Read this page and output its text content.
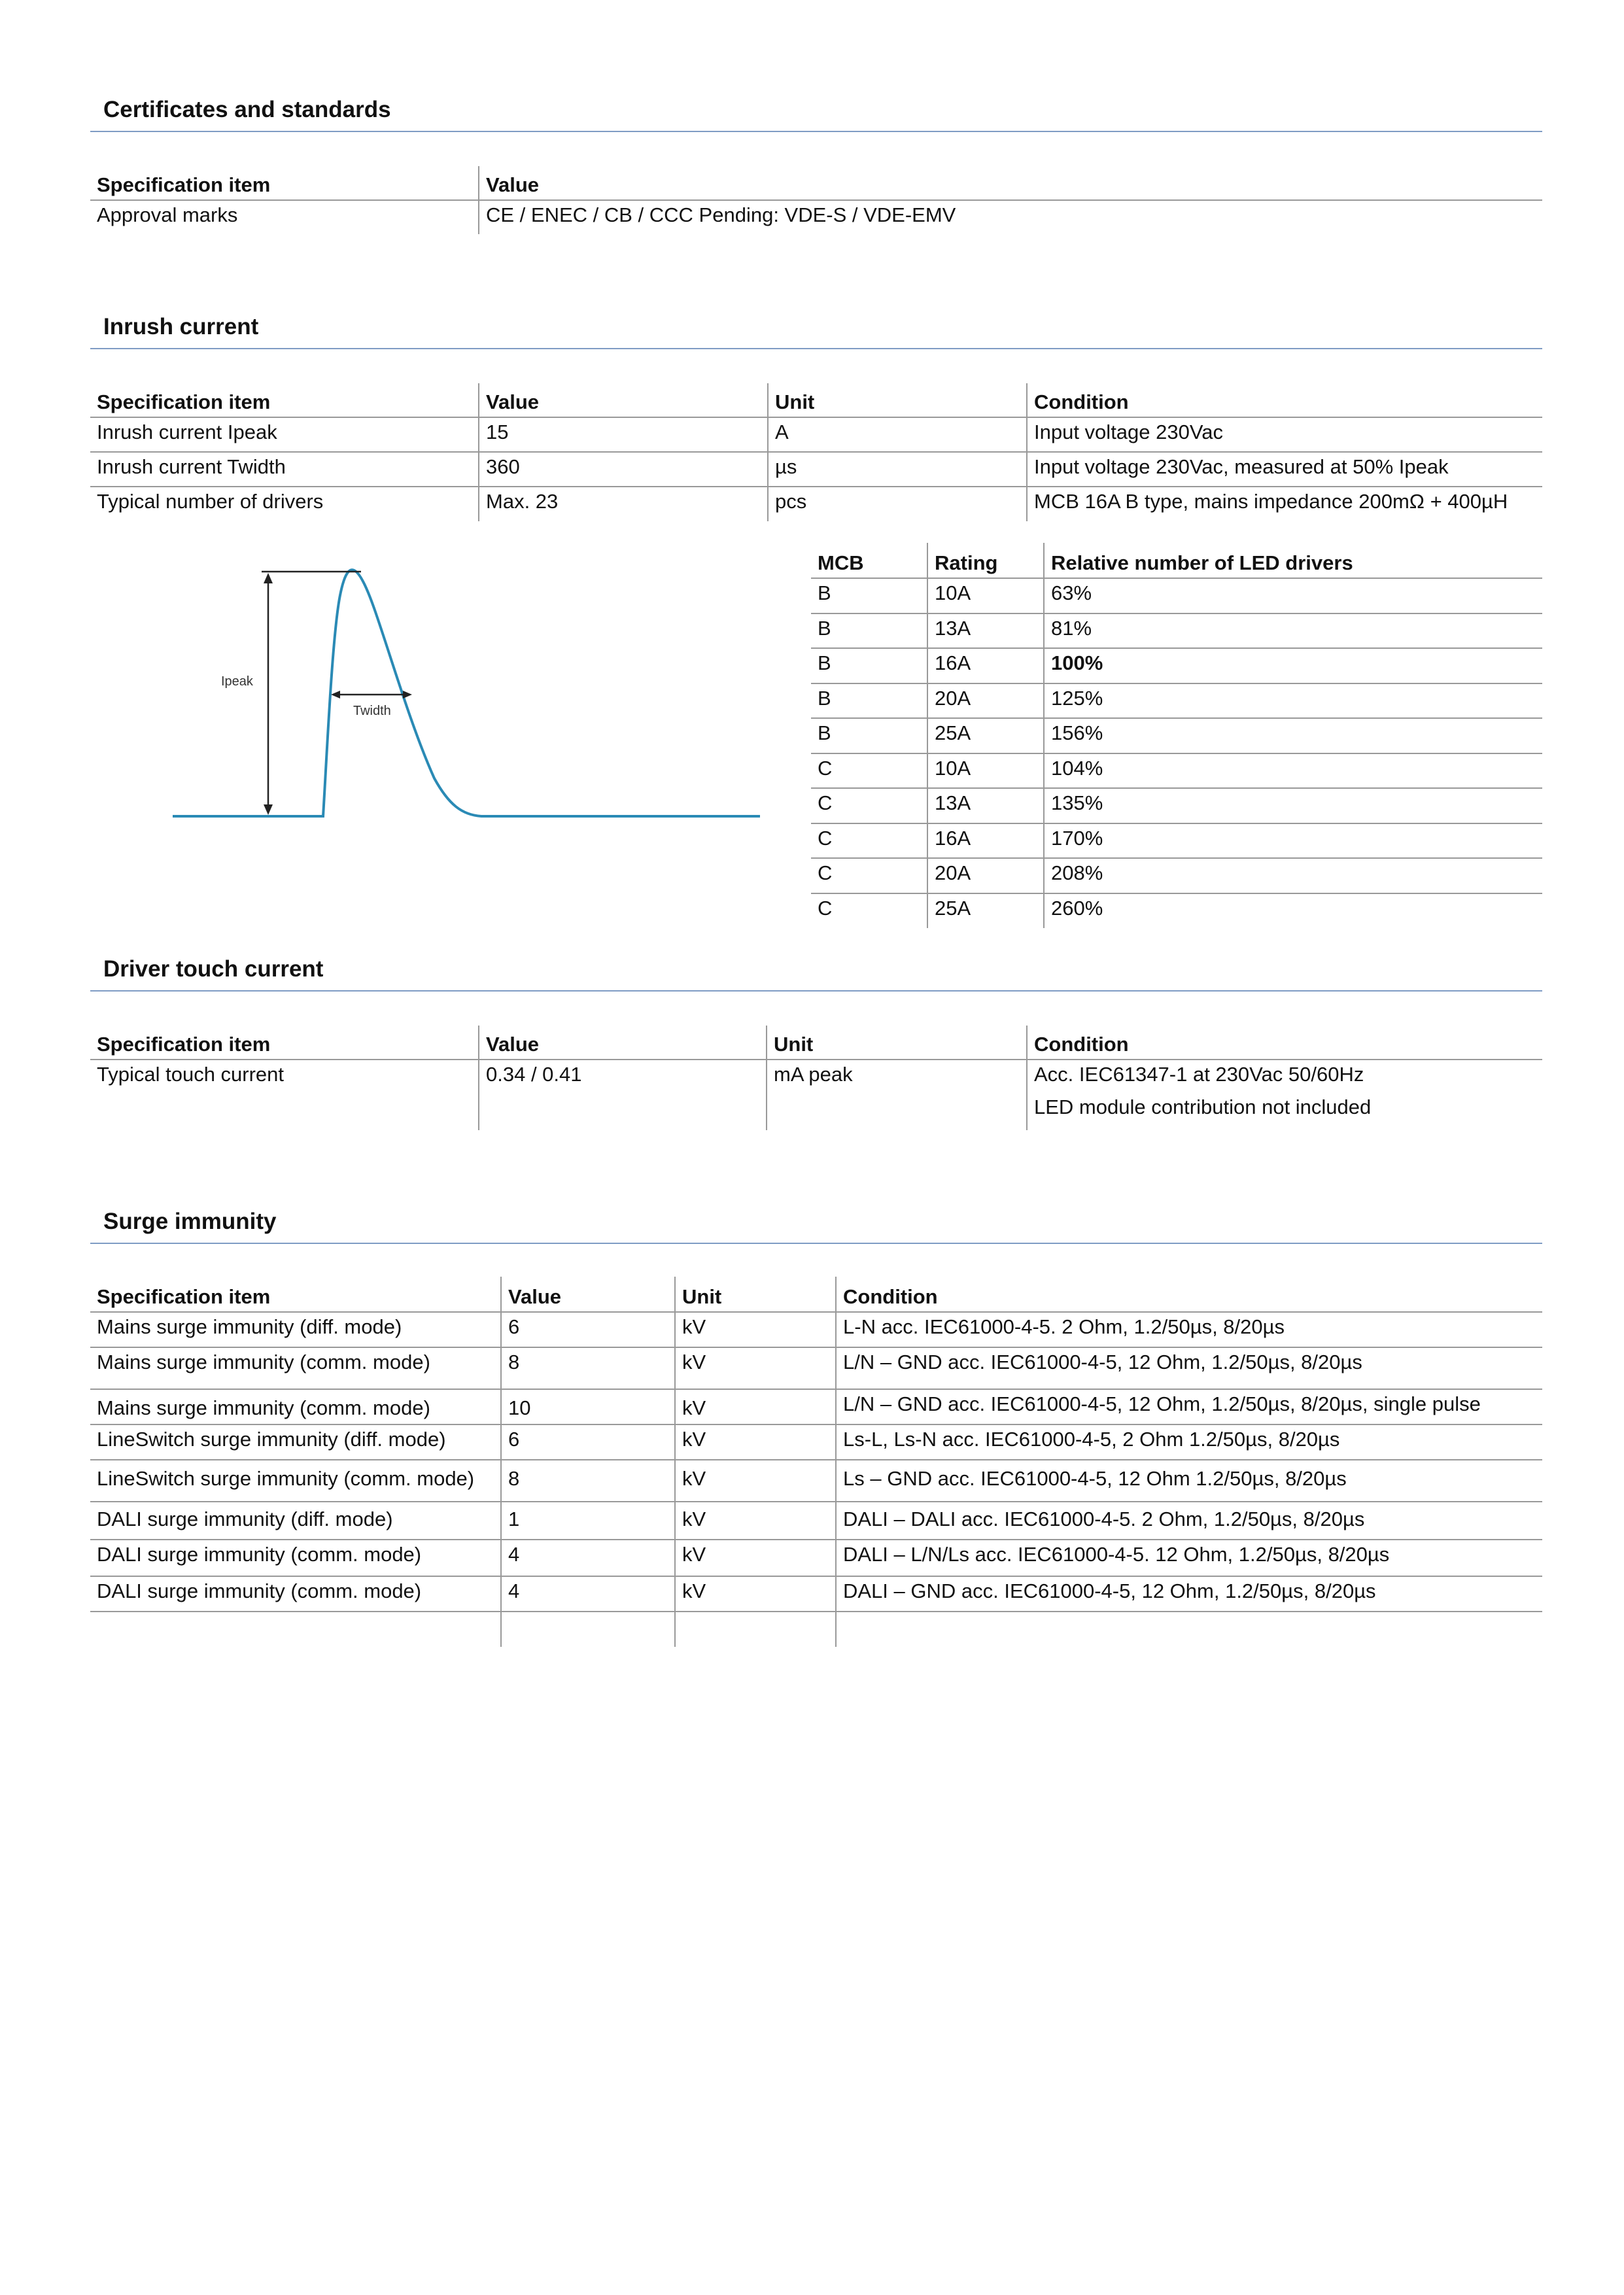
Certificates and standards
Specification item	Value
Approval marks	CE / ENEC / CB / CCC Pending: VDE-S / VDE-EMV
Inrush current
Specification item	Value	Unit	Condition
Inrush current Ipeak	15	A	Input voltage 230Vac
Inrush current Twidth	360	µs	Input voltage 230Vac, measured at 50% Ipeak
Typical number of drivers	Max. 23	pcs	MCB 16A B type, mains impedance 200mΩ + 400µH
Ipeak
Twidth
MCB	Rating	Relative number of LED drivers
B	10A	63%
B	13A	81%
B	16A	100%
B	20A	125%
B	25A	156%
C	10A	104%
C	13A	135%
C	16A	170%
C	20A	208%
C	25A	260%
Driver touch current
Specification item	Value	Unit	Condition
Typical touch current	0.34 / 0.41	mA peak	Acc. IEC61347-1 at 230Vac 50/60Hz
LED module contribution not included
Surge immunity
Specification item	Value	Unit	Condition
Mains surge immunity (diff. mode)	6	kV	L-N acc. IEC61000-4-5. 2 Ohm, 1.2/50µs, 8/20µs
Mains surge immunity (comm. mode)	8	kV	L/N – GND acc. IEC61000-4-5, 12 Ohm, 1.2/50µs, 8/20µs
Mains surge immunity (comm. mode)	10	kV	L/N – GND acc. IEC61000-4-5, 12 Ohm, 1.2/50µs, 8/20µs, single pulse
LineSwitch surge immunity (diff. mode)	6	kV	Ls-L, Ls-N acc. IEC61000-4-5, 2 Ohm 1.2/50µs, 8/20µs
LineSwitch surge immunity (comm. mode)	8	kV	Ls – GND acc. IEC61000-4-5, 12 Ohm 1.2/50µs, 8/20µs
DALI surge immunity (diff. mode)	1	kV	DALI – DALI acc. IEC61000-4-5. 2 Ohm, 1.2/50µs, 8/20µs
DALI surge immunity (comm. mode)	4	kV	DALI – L/N/Ls acc. IEC61000-4-5. 12 Ohm, 1.2/50µs, 8/20µs
DALI surge immunity (comm. mode)	4	kV	DALI – GND acc. IEC61000-4-5, 12 Ohm, 1.2/50µs, 8/20µs
